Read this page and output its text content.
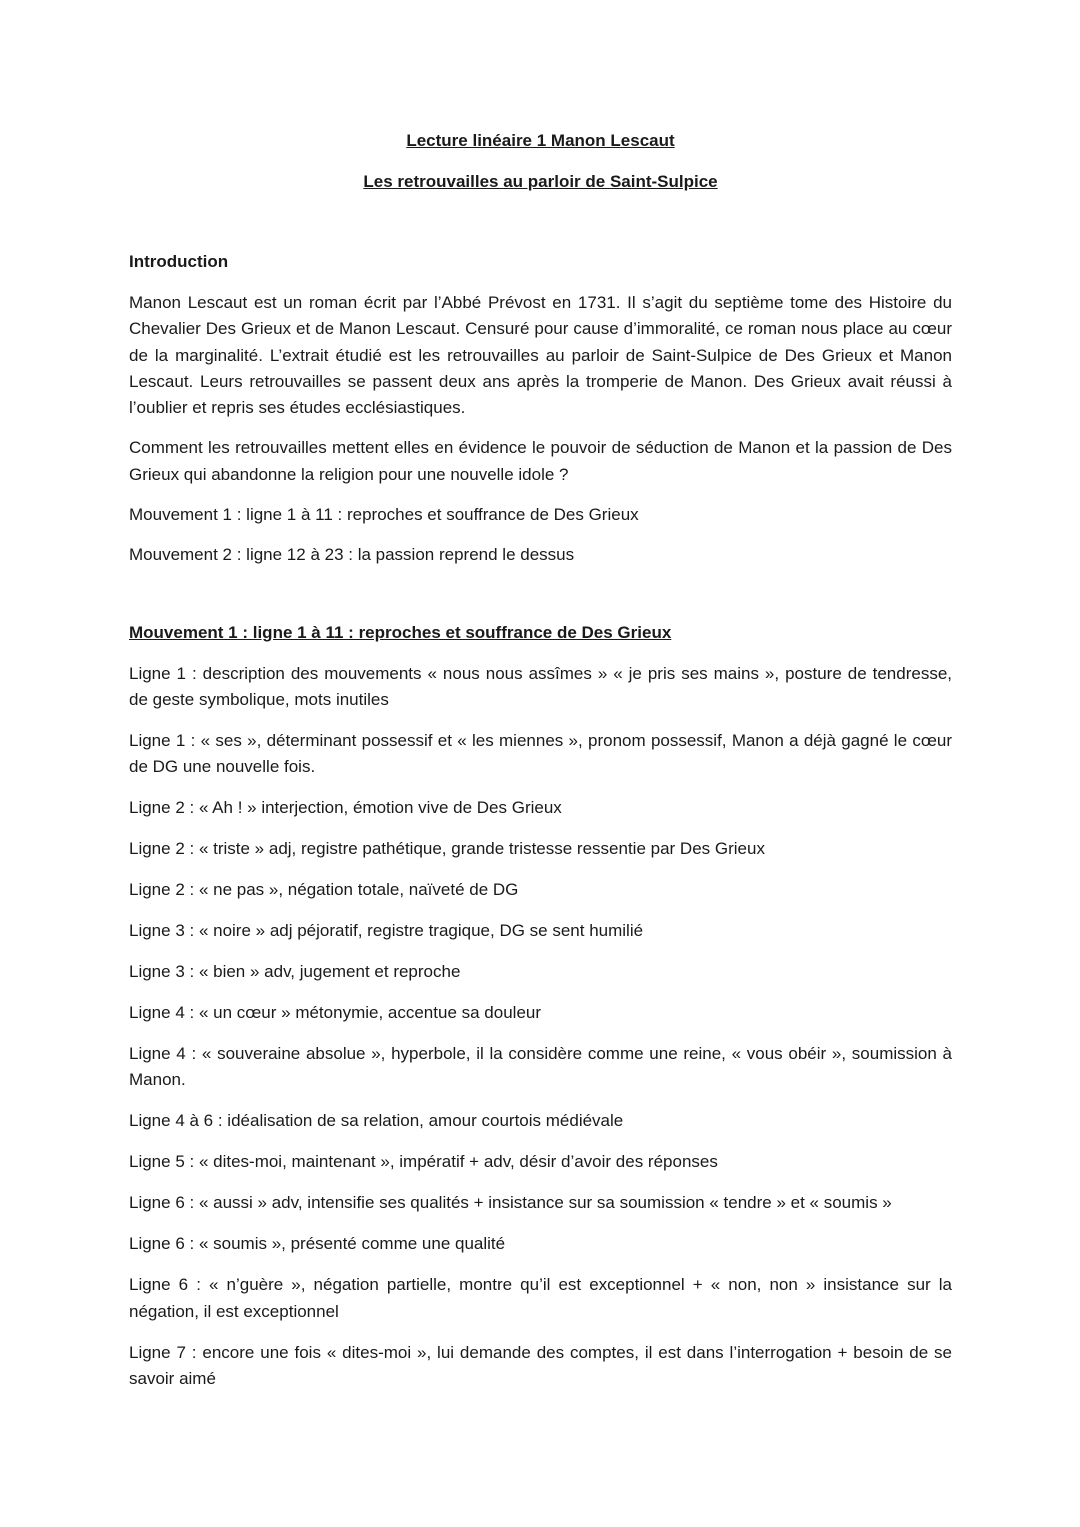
Lecture linéaire 1 Manon Lescaut
Les retrouvailles au parloir de Saint-Sulpice
Introduction

Manon Lescaut est un roman écrit par l’Abbé Prévost en 1731. Il s’agit du septième tome des Histoire du Chevalier Des Grieux et de Manon Lescaut. Censuré pour cause d’immoralité, ce roman nous place au cœur de la marginalité. L’extrait étudié est les retrouvailles au parloir de Saint-Sulpice de Des Grieux et Manon Lescaut. Leurs retrouvailles se passent deux ans après la tromperie de Manon. Des Grieux avait réussi à l’oublier et repris ses études ecclésiastiques.

Comment les retrouvailles mettent elles en évidence le pouvoir de séduction de Manon et la passion de Des Grieux qui abandonne la religion pour une nouvelle idole ?

Mouvement 1 : ligne 1 à 11 : reproches et souffrance de Des Grieux

Mouvement 2 : ligne 12 à 23 : la passion reprend le dessus

Mouvement 1 : ligne 1 à 11 : reproches et souffrance de Des Grieux

Ligne 1 : description des mouvements « nous nous assîmes » « je pris ses mains », posture de tendresse, de geste symbolique, mots inutiles

Ligne 1 : « ses », déterminant possessif et « les miennes », pronom possessif, Manon a déjà gagné le cœur de DG une nouvelle fois.

Ligne 2 : « Ah ! » interjection, émotion vive de Des Grieux

Ligne 2 : « triste » adj, registre pathétique, grande tristesse ressentie par Des Grieux

Ligne 2 : « ne pas », négation totale, naïveté de DG

Ligne 3 : « noire » adj péjoratif, registre tragique, DG se sent humilié

Ligne 3 : « bien » adv, jugement et reproche

Ligne 4 : « un cœur » métonymie, accentue sa douleur

Ligne 4 : « souveraine absolue », hyperbole, il la considère comme une reine, « vous obéir », soumission à Manon.

Ligne 4 à 6 : idéalisation de sa relation, amour courtois médiévale

Ligne 5 : « dites-moi, maintenant », impératif + adv, désir d’avoir des réponses

Ligne 6 : « aussi » adv, intensifie ses qualités + insistance sur sa soumission « tendre » et « soumis »

Ligne 6 : « soumis », présenté comme une qualité

Ligne 6 : « n’guère », négation partielle, montre qu’il est exceptionnel + « non, non » insistance sur la négation, il est exceptionnel

Ligne 7 : encore une fois « dites-moi », lui demande des comptes, il est dans l’interrogation + besoin de se savoir aimé
